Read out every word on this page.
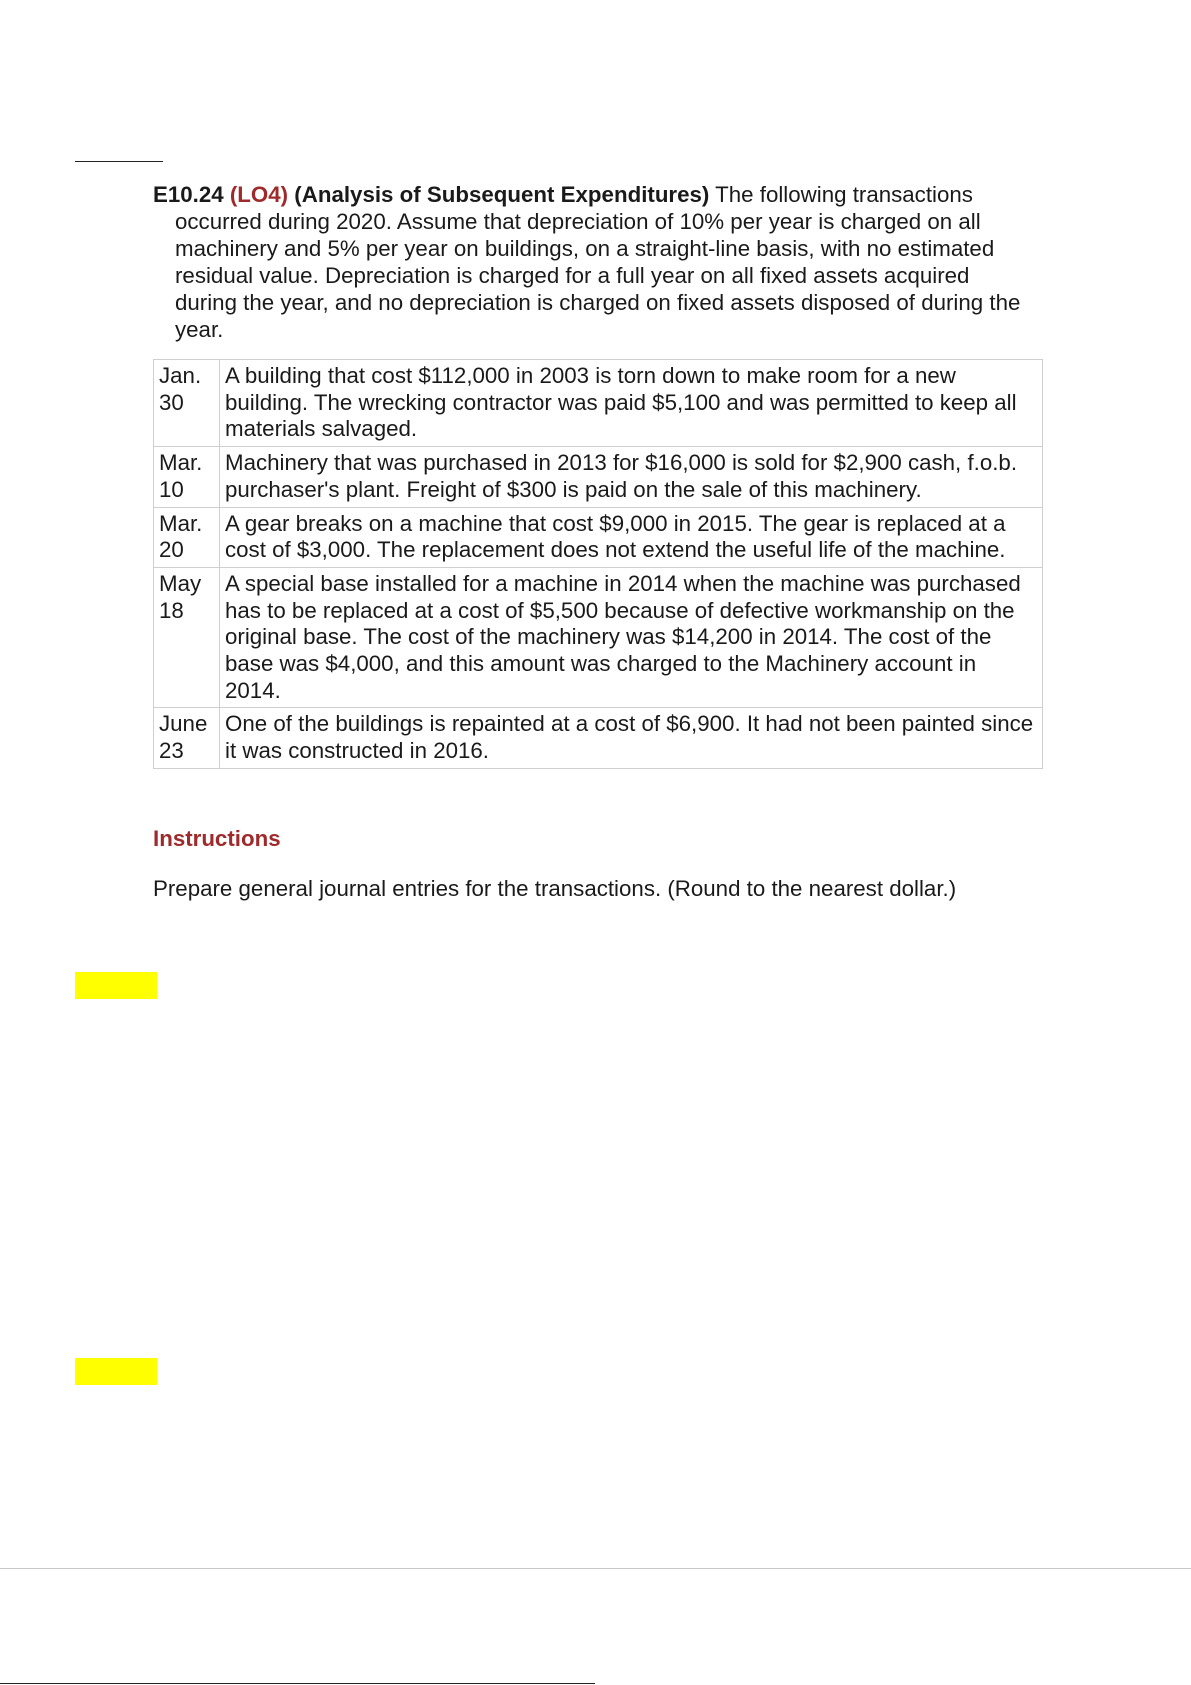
E10.24 (LO4) (Analysis of Subsequent Expenditures) The following transactions
occurred during 2020. Assume that depreciation of 10% per year is charged on all machinery and 5% per year on buildings, on a straight-line basis, with no estimated residual value. Depreciation is charged for a full year on all fixed assets acquired during the year, and no depreciation is charged on fixed assets disposed of during the year.
Jan.
30	A building that cost $112,000 in 2003 is torn down to make room for a new building. The wrecking contractor was paid $5,100 and was permitted to keep all materials salvaged.
Mar.
10	Machinery that was purchased in 2013 for $16,000 is sold for $2,900 cash, f.o.b. purchaser's plant. Freight of $300 is paid on the sale of this machinery.
Mar.
20	A gear breaks on a machine that cost $9,000 in 2015. The gear is replaced at a cost of $3,000. The replacement does not extend the useful life of the machine.
May
18	A special base installed for a machine in 2014 when the machine was purchased has to be replaced at a cost of $5,500 because of defective workmanship on the original base. The cost of the machinery was $14,200 in 2014. The cost of the base was $4,000, and this amount was charged to the Machinery account in 2014.
June
23	One of the buildings is repainted at a cost of $6,900. It had not been painted since it was constructed in 2016.
Instructions
Prepare general journal entries for the transactions. (Round to the nearest dollar.)
